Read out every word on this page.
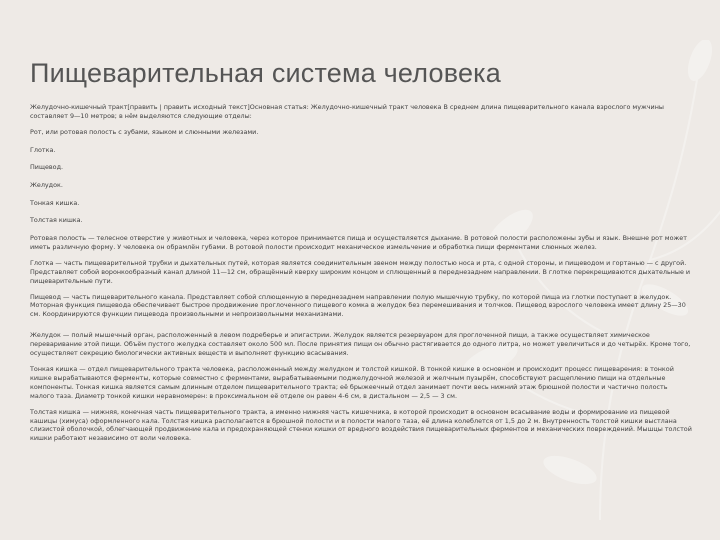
Пищеварительная система человека

Желудочно-кишечный тракт[править | править исходный текст]Основная статья: Желудочно-кишечный тракт человека В среднем длина пищеварительного канала взрослого мужчины составляет 9—10 метров; в нём выделяются следующие отделы:

Рот, или ротовая полость с зубами, языком и слюнными железами.

Глотка.

Пищевод.

Желудок.

Тонкая кишка.

Толстая кишка.

Ротовая полость — телесное отверстие у животных и человека, через которое принимается пища и осуществляется дыхание. В ротовой полости расположены зубы и язык. Внешне рот может иметь различную форму. У человека он обрамлён губами. В ротовой полости происходит механическое измельчение и обработка пищи ферментами слюнных желез.

Глотка — часть пищеварительной трубки и дыхательных путей, которая является соединительным звеном между полостью носа и рта, с одной стороны, и пищеводом и гортанью — с другой. Представляет собой воронкообразный канал длиной 11—12 см, обращённый кверху широким концом и сплющенный в переднезаднем направлении. В глотке перекрещиваются дыхательные и пищеварительные пути.

Пищевод — часть пищеварительного канала. Представляет собой сплющенную в переднезаднем направлении полую мышечную трубку, по которой пища из глотки поступает в желудок. Моторная функция пищевода обеспечивает быстрое продвижение проглоченного пищевого комка в желудок без перемешивания и толчков. Пищевод взрослого человека имеет длину 25—30 см. Координируются функции пищевода произвольными и непроизвольными механизмами.

Желудок — полый мышечный орган, расположенный в левом подреберье и эпигастрии. Желудок является резервуаром для проглоченной пищи, а также осуществляет химическое переваривание этой пищи. Объём пустого желудка составляет около 500 мл. После принятия пищи он обычно растягивается до одного литра, но может увеличиться и до четырёх. Кроме того, осуществляет секрецию биологически активных веществ и выполняет функцию всасывания.

Тонкая кишка — отдел пищеварительного тракта человека, расположенный между желудком и толстой кишкой. В тонкой кишке в основном и происходит процесс пищеварения: в тонкой кишке вырабатываются ферменты, которые совместно с ферментами, вырабатываемыми поджелудочной железой и желчным пузырём, способствуют расщеплению пищи на отдельные компоненты. Тонкая кишка является самым длинным отделом пищеварительного тракта; её брыжеечный отдел занимает почти весь нижний этаж брюшной полости и частично полость малого таза. Диаметр тонкой кишки неравномерен: в проксимальном её отделе он равен 4-6 см, в дистальном — 2,5 — 3 см.

Толстая кишка — нижняя, конечная часть пищеварительного тракта, а именно нижняя часть кишечника, в которой происходит в основном всасывание воды и формирование из пищевой кашицы (химуса) оформленного кала. Толстая кишка располагается в брюшной полости и в полости малого таза, её длина колеблется от 1,5 до 2 м. Внутренность толстой кишки выстлана слизистой оболочкой, облегчающей продвижение кала и предохраняющей стенки кишки от вредного воздействия пищеварительных ферментов и механических повреждений. Мышцы толстой кишки работают независимо от воли человека.
